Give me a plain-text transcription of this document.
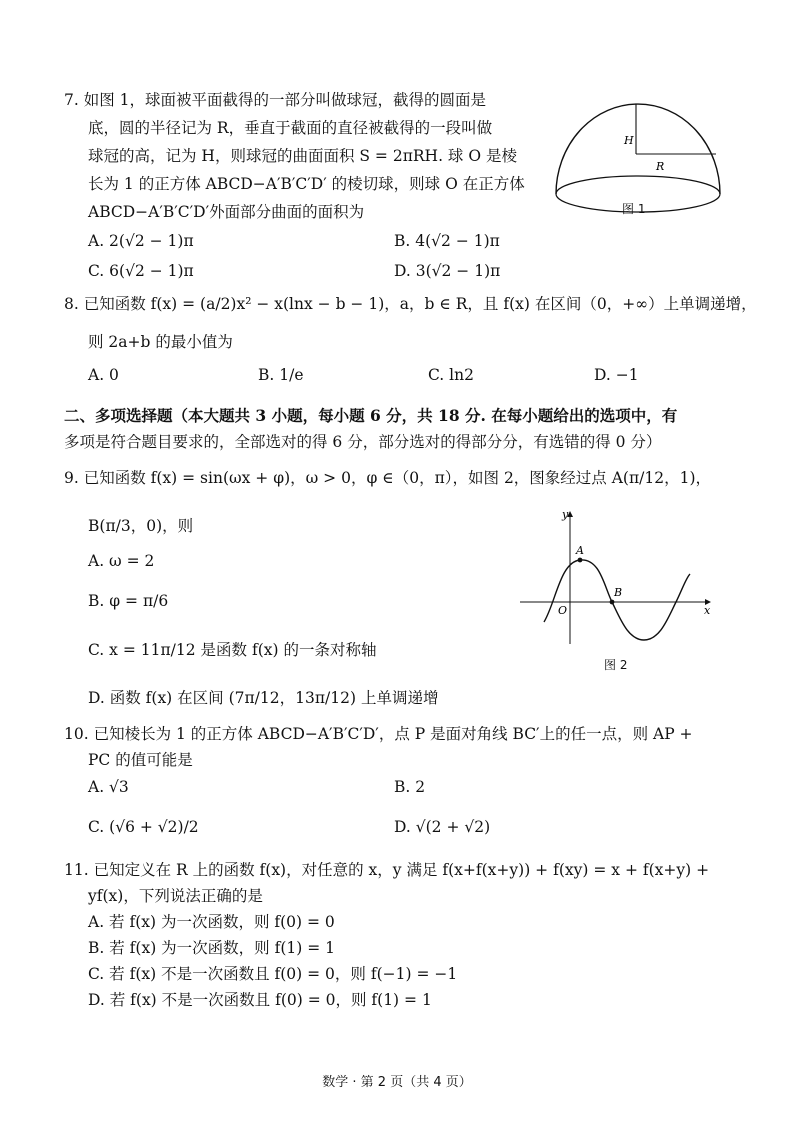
7. 如图 1，球面被平面截得的一部分叫做球冠，截得的圆面是
底，圆的半径记为 R，垂直于截面的直径被截得的一段叫做
球冠的高，记为 H，则球冠的曲面面积 S = 2πRH. 球 O 是棱
长为 1 的正方体 ABCD−A′B′C′D′ 的棱切球，则球 O 在正方体
ABCD−A′B′C′D′外面部分曲面的面积为
A. 2(√2 − 1)π	B. 4(√2 − 1)π
C. 6(√2 − 1)π	D. 3(√2 − 1)π
H
R
图 1
8. 已知函数 f(x) = (a/2)x² − x(lnx − b − 1)，a，b ∈ R，且 f(x) 在区间（0，+∞）上单调递增，
则 2a+b 的最小值为
A. 0	B. 1/e	C. ln2	D. −1
二、多项选择题（本大题共 3 小题，每小题 6 分，共 18 分. 在每小题给出的选项中，有
多项是符合题目要求的，全部选对的得 6 分，部分选对的得部分分，有选错的得 0 分）
9. 已知函数 f(x) = sin(ωx + φ)，ω > 0，φ ∈（0，π），如图 2，图象经过点 A(π/12，1)，
B(π/3，0)，则
A. ω = 2
B. φ = π/6
C. x = 11π/12 是函数 f(x) 的一条对称轴
D. 函数 f(x) 在区间 (7π/12，13π/12) 上单调递增
y
x
O
A
B
图 2
10. 已知棱长为 1 的正方体 ABCD−A′B′C′D′，点 P 是面对角线 BC′上的任一点，则 AP +
PC 的值可能是
A. √3	B. 2
C. (√6 + √2)/2	D. √(2 + √2)
11. 已知定义在 R 上的函数 f(x)，对任意的 x，y 满足 f(x+f(x+y)) + f(xy) = x + f(x+y) +
yf(x)，下列说法正确的是
A. 若 f(x) 为一次函数，则 f(0) = 0
B. 若 f(x) 为一次函数，则 f(1) = 1
C. 若 f(x) 不是一次函数且 f(0) = 0，则 f(−1) = −1
D. 若 f(x) 不是一次函数且 f(0) = 0，则 f(1) = 1
数学 · 第 2 页（共 4 页）
